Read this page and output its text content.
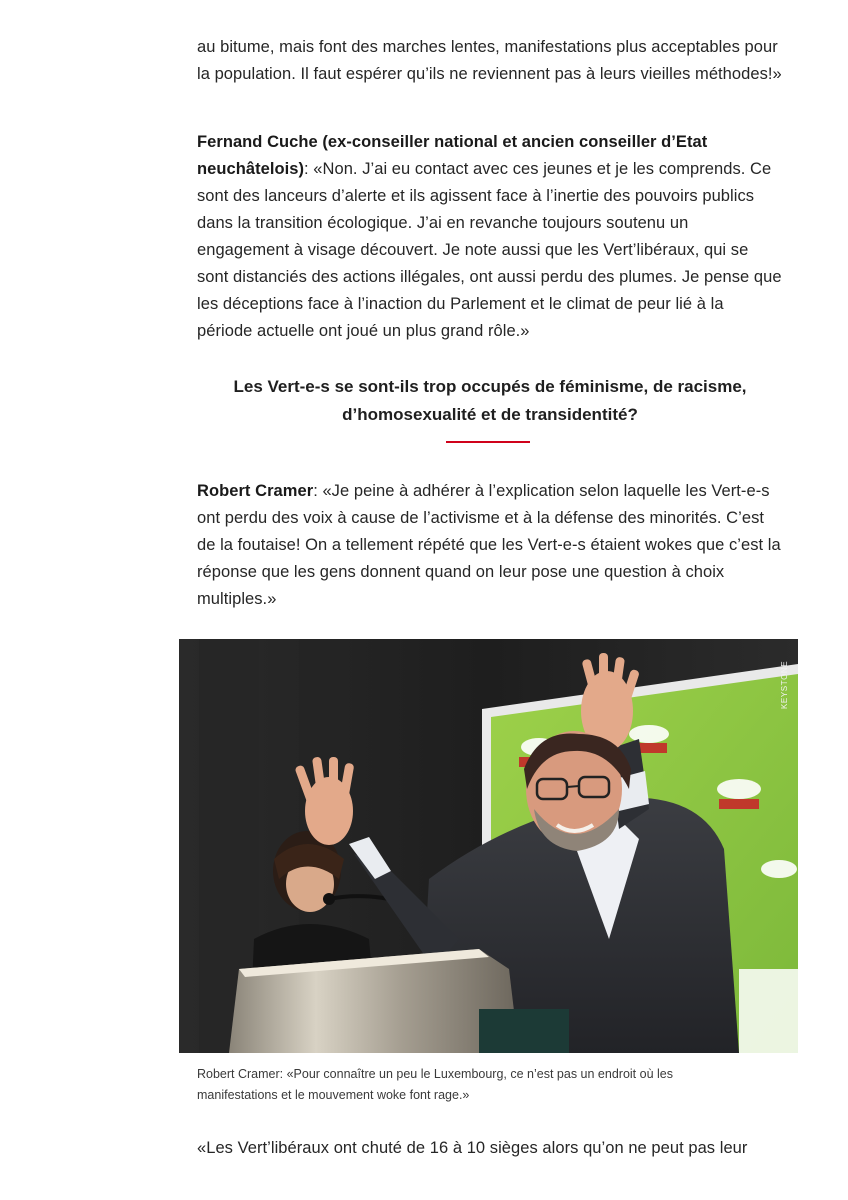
au bitume, mais font des marches lentes, manifestations plus acceptables pour la population. Il faut espérer qu’ils ne reviennent pas à leurs vieilles méthodes!»

Fernand Cuche (ex-conseiller national et ancien conseiller d’Etat neuchâtelois): «Non. J’ai eu contact avec ces jeunes et je les comprends. Ce sont des lanceurs d’alerte et ils agissent face à l’inertie des pouvoirs publics dans la transition écologique. J’ai en revanche toujours soutenu un engagement à visage découvert. Je note aussi que les Vert’libéraux, qui se sont distanciés des actions illégales, ont aussi perdu des plumes. Je pense que les déceptions face à l’inaction du Parlement et le climat de peur lié à la période actuelle ont joué un plus grand rôle.»

Les Vert-e-s se sont-ils trop occupés de féminisme, de racisme, d’homosexualité et de transidentité?

Robert Cramer: «Je peine à adhérer à l’explication selon laquelle les Vert-e-s ont perdu des voix à cause de l’activisme et à la défense des minorités. C’est de la foutaise! On a tellement répété que les Vert-e-s étaient wokes que c’est la réponse que les gens donnent quand on leur pose une question à choix multiples.»

KEYSTONE

Robert Cramer: «Pour connaître un peu le Luxembourg, ce n’est pas un endroit où les manifestations et le mouvement woke font rage.»

«Les Vert’libéraux ont chuté de 16 à 10 sièges alors qu’on ne peut pas leur
